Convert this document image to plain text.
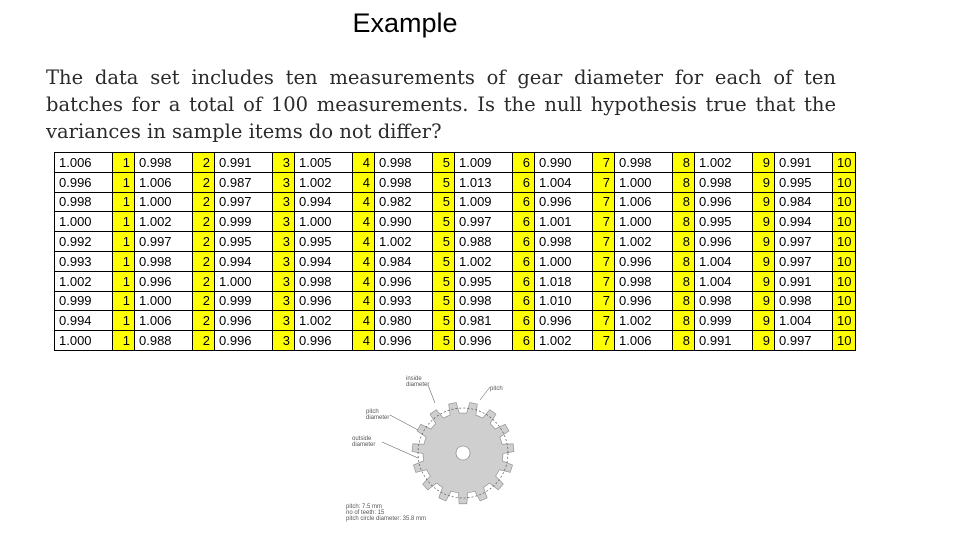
Example
The data set includes ten measurements of gear diameter for each of ten batches for a total of 100 measurements. Is the null hypothesis true that the variances in sample items do not differ?
1.006	1	0.998	2	0.991	3	1.005	4	0.998	5	1.009	6	0.990	7	0.998	8	1.002	9	0.991	10
0.996	1	1.006	2	0.987	3	1.002	4	0.998	5	1.013	6	1.004	7	1.000	8	0.998	9	0.995	10
0.998	1	1.000	2	0.997	3	0.994	4	0.982	5	1.009	6	0.996	7	1.006	8	0.996	9	0.984	10
1.000	1	1.002	2	0.999	3	1.000	4	0.990	5	0.997	6	1.001	7	1.000	8	0.995	9	0.994	10
0.992	1	0.997	2	0.995	3	0.995	4	1.002	5	0.988	6	0.998	7	1.002	8	0.996	9	0.997	10
0.993	1	0.998	2	0.994	3	0.994	4	0.984	5	1.002	6	1.000	7	0.996	8	1.004	9	0.997	10
1.002	1	0.996	2	1.000	3	0.998	4	0.996	5	0.995	6	1.018	7	0.998	8	1.004	9	0.991	10
0.999	1	1.000	2	0.999	3	0.996	4	0.993	5	0.998	6	1.010	7	0.996	8	0.998	9	0.998	10
0.994	1	1.006	2	0.996	3	1.002	4	0.980	5	0.981	6	0.996	7	1.002	8	0.999	9	1.004	10
1.000	1	0.988	2	0.996	3	0.996	4	0.996	5	0.996	6	1.002	7	1.006	8	0.991	9	0.997	10
inside
diameter
pitch
pitch
diameter
outside
diameter
pitch: 7.5 mm
no of teeth: 15
pitch circle diameter: 35.8 mm
